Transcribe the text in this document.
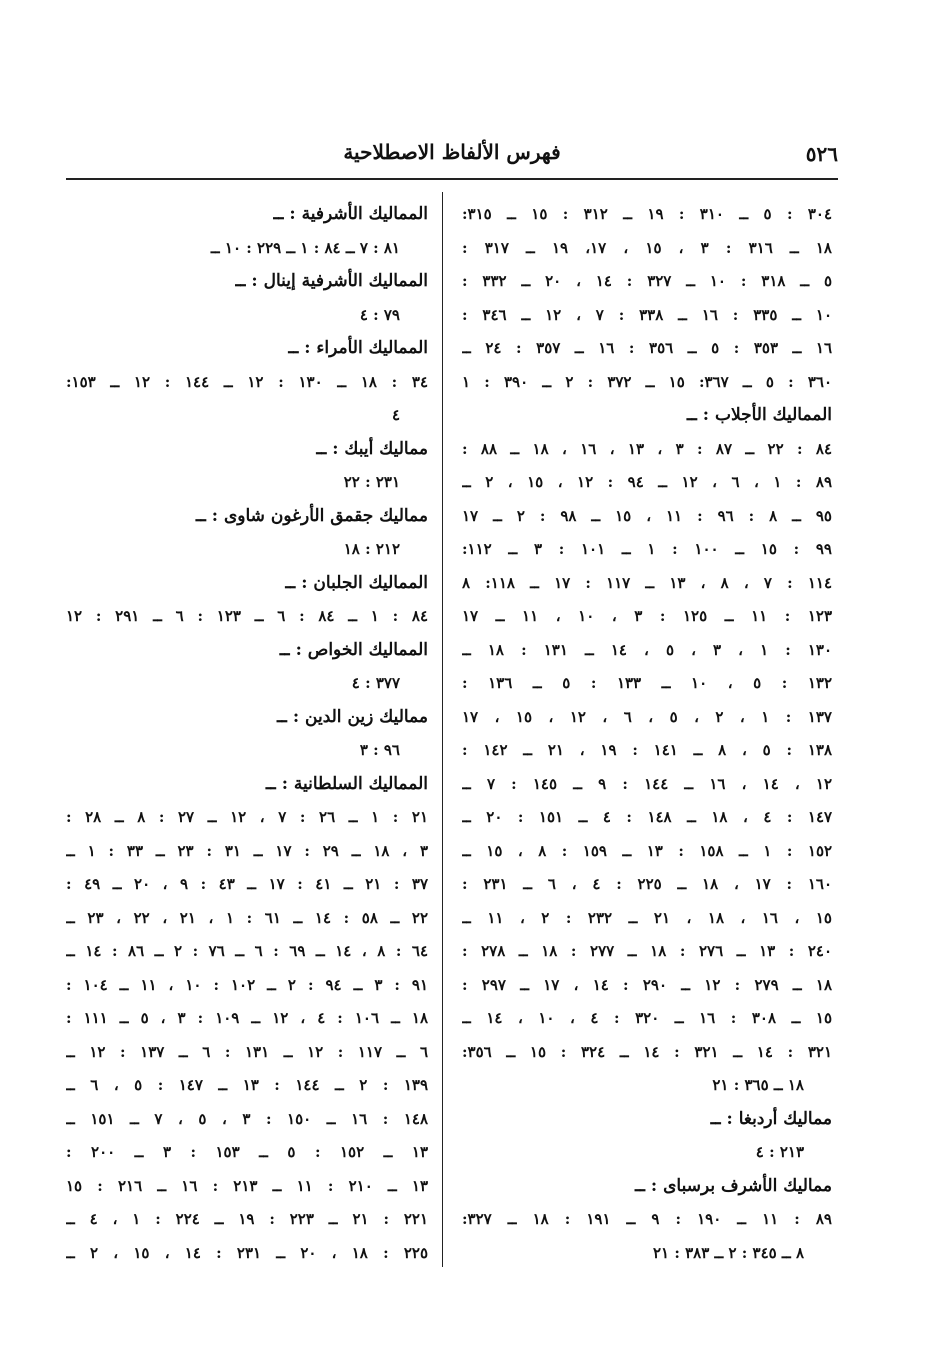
فهرس الألفاظ الاصطلاحية	٥٢٦
٣٠٤ : ٥ ــ ٣١٠ : ١٩ ــ ٣١٢ : ١٥ ــ ٣١٥:
١٨ ــ ٣١٦ : ٣ ، ١٥ ، ١٧، ١٩ ــ ٣١٧ :
٥ ــ ٣١٨ : ١٠ ــ ٣٢٧ : ١٤ ، ٢٠ ــ ٣٣٢ :
١٠ ــ ٣٣٥ : ١٦ ــ ٣٣٨ : ٧ ، ١٢ ــ ٣٤٦ :
١٦ ــ ٣٥٣ : ٥ ــ ٣٥٦ : ١٦ ــ ٣٥٧ : ٢٤ ــ
٣٦٠ : ٥ ــ ٣٦٧: ١٥ ــ ٣٧٢ : ٢ ــ ٣٩٠ : ١
المماليك الأجلاب : ــ
٨٤ : ٢٢ ــ ٨٧ : ٣ ، ١٣ ، ١٦ ، ١٨ ــ ٨٨ :
٨٩ : ١ ، ٦ ، ١٢ ــ ٩٤ : ١٢ ، ١٥ ، ٢ ــ
٩٥ ــ ٨ : ٩٦ : ١١ ، ١٥ ــ ٩٨ : ٢ ــ ١٧
٩٩ : ١٥ ــ ١٠٠ : ١ ــ ١٠١ : ٣ ــ ١١٢:
١١٤ : ٧ ، ٨ ، ١٣ ــ ١١٧ : ١٧ ــ ١١٨: ٨
١٢٣ : ١١ ــ ١٢٥ : ٣ ، ١٠ ، ١١ ــ ١٧
١٣٠ : ١ ، ٣ ، ٥ ، ١٤ ــ ١٣١ : ١٨ ــ
١٣٢ : ٥ ، ١٠ ــ ١٣٣ : ٥ ــ ١٣٦ :
١٣٧ : ١ ، ٢ ، ٥ ، ٦ ، ١٢ ، ١٥ ، ١٧
١٣٨ : ٥ ، ٨ ــ ١٤١ : ١٩ ، ٢١ ــ ١٤٢ :
١٢ ، ١٤ ، ١٦ ــ ١٤٤ : ٩ ــ ١٤٥ : ٧ ــ
١٤٧ : ٤ ، ١٨ ــ ١٤٨ : ٤ ــ ١٥١ : ٢٠ ــ
١٥٢ : ١ ــ ١٥٨ : ١٣ ــ ١٥٩ : ٨ ، ١٥ ــ
١٦٠ : ١٧ ، ١٨ ــ ٢٢٥ : ٤ ، ٦ ــ ٢٣١ :
١٥ ، ١٦ ، ١٨ ، ٢١ ــ ٢٣٢ : ٢ ، ١١ ــ
٢٤٠ : ١٣ ــ ٢٧٦ : ١٨ ــ ٢٧٧ : ١٨ ــ ٢٧٨ :
١٨ ــ ٢٧٩ : ١٢ ــ ٢٩٠ : ١٤ ، ١٧ ــ ٢٩٧ :
١٥ ــ ٣٠٨ : ١٦ ــ ٣٢٠ : ٤ ، ١٠ ، ١٤ ــ
٣٢١ : ١٤ ــ ٣٢١ : ١٤ ــ ٣٢٤ : ١٥ ــ ٣٥٦:
١٨ ــ ٣٦٥ : ٢١
مماليك أردبغا : ــ
٢١٣ : ٤
مماليك الأشرف برسباى : ــ
٨٩ : ١١ ــ ١٩٠ : ٩ ــ ١٩١ : ١٨ ــ ٣٢٧:
٨ ــ ٣٤٥ : ٢ ــ ٣٨٣ : ٢١
المماليك الأشرفية : ــ
٨١ : ٧ ــ ٨٤ : ١ ــ ٢٢٩ : ١٠ ــ
المماليك الأشرفية إينال : ــ
٧٩ : ٤
المماليك الأمراء : ــ
٣٤ : ١٨ ــ ١٣٠ : ١٢ ــ ١٤٤ : ١٢ ــ ١٥٣:
٤
مماليك أيبك : ــ
٢٣١ : ٢٢
مماليك جقمق الأرغون شاوى : ــ
٢١٢ : ١٨
المماليك الجلبان : ــ
٨٤ : ١ ــ ٨٤ : ٦ ــ ١٢٣ : ٦ ــ ٢٩١ : ١٢
المماليك الخواص : ــ
٣٧٧ : ٤
مماليك زين الدين : ــ
٩٦ : ٣
المماليك السلطانية : ــ
٢١ : ١ ــ ٢٦ : ٧ ، ١٢ ــ ٢٧ : ٨ ــ ٢٨ :
٣ ، ١٨ ــ ٢٩ : ١٧ ــ ٣١ : ٢٣ ــ ٣٣ : ١ ــ
٣٧ : ٢١ ــ ٤١ : ١٧ ــ ٤٣ : ٩ ، ٢٠ ــ ٤٩ :
٢٢ ــ ٥٨ : ١٤ ــ ٦١ : ١ ، ٢١ ، ٢٢ ، ٢٣ ــ
٦٤ : ٨ ، ١٤ ــ ٦٩ : ٦ ــ ٧٦ : ٢ ــ ٨٦ : ١٤ ــ
٩١ : ٣ ــ ٩٤ : ٢ ــ ١٠٢ : ١٠ ، ١١ ــ ١٠٤ :
١٨ ــ ١٠٦ : ٤ ، ١٢ ــ ١٠٩ : ٣ ، ٥ ــ ١١١ :
٦ ــ ١١٧ : ١٢ ــ ١٣١ : ٦ ــ ١٣٧ : ١٢ ــ
١٣٩ : ٢ ــ ١٤٤ : ١٣ ــ ١٤٧ : ٥ ، ٦ ــ
١٤٨ : ١٦ ــ ١٥٠ : ٣ ، ٥ ، ٧ ــ ١٥١ ــ
١٣ ــ ١٥٢ : ٥ ــ ١٥٣ : ٣ ــ ٢٠٠ :
١٣ ــ ٢١٠ : ١١ ــ ٢١٣ : ١٦ ــ ٢١٦ : ١٥
٢٢١ : ٢١ ــ ٢٢٣ : ١٩ ــ ٢٢٤ : ١ ، ٤ ــ
٢٢٥ : ١٨ ، ٢٠ ــ ٢٣١ : ١٤ ، ١٥ ، ٢ ــ
